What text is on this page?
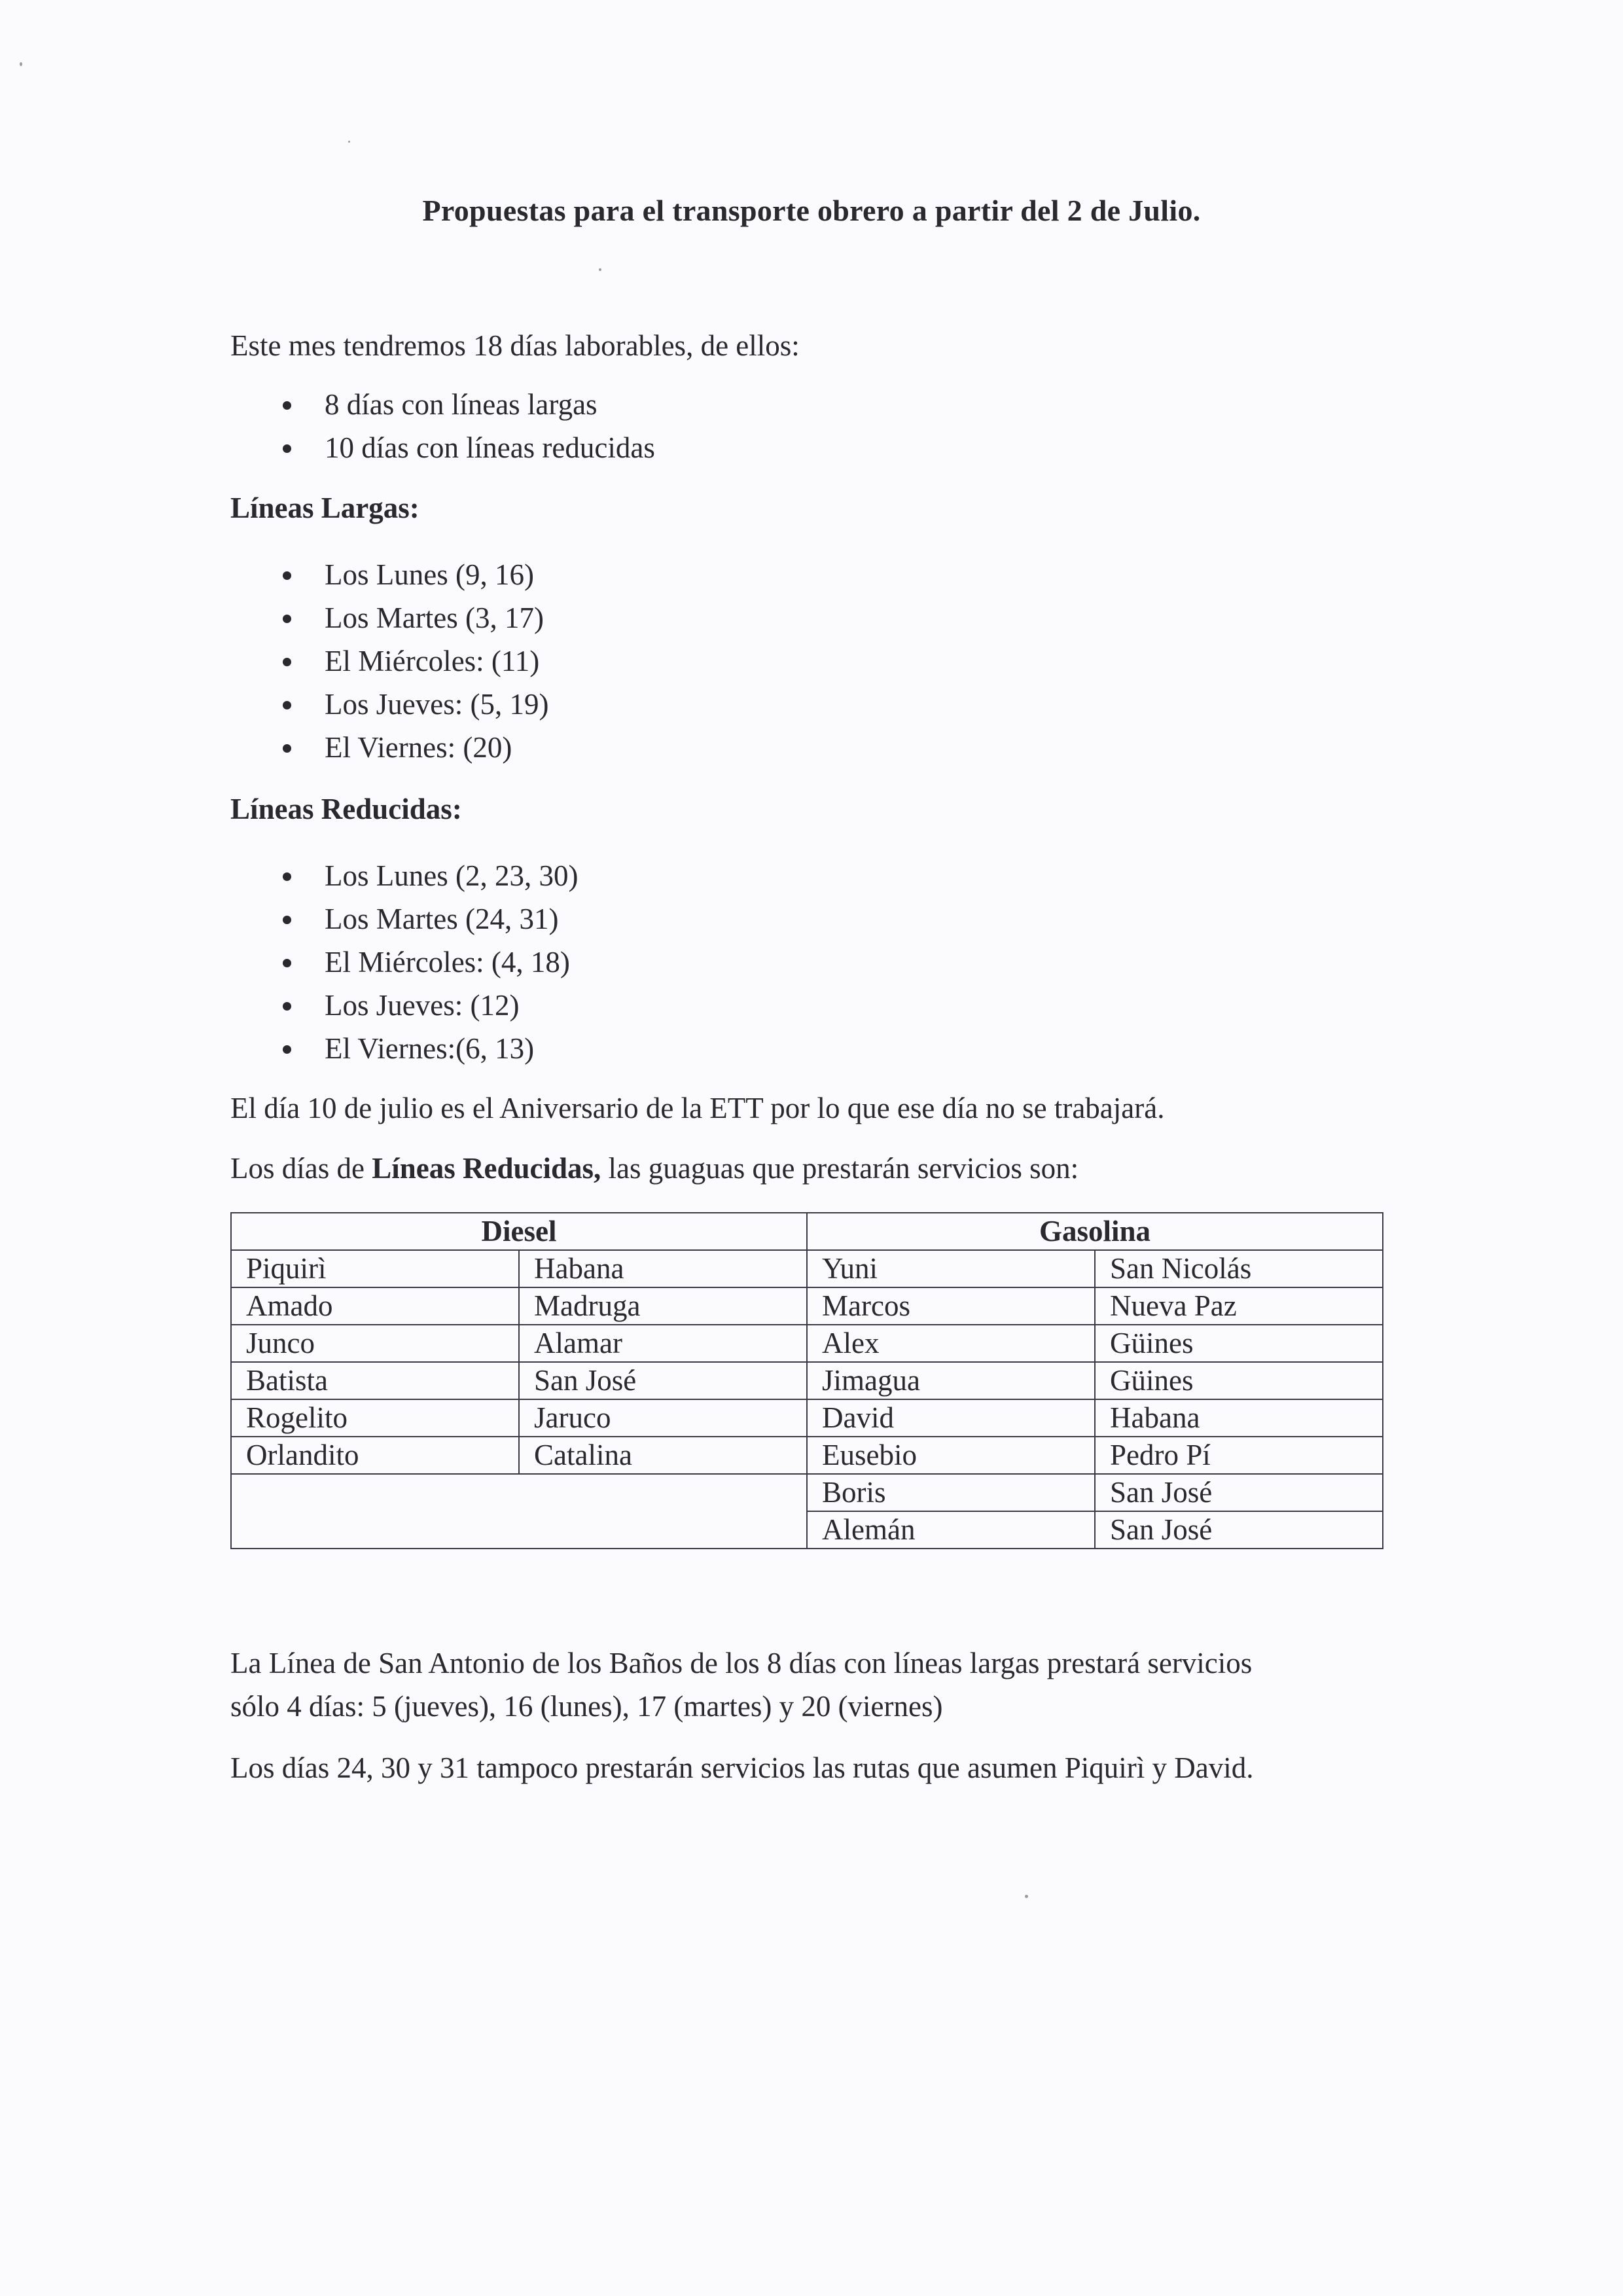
Propuestas para el transporte obrero a partir del 2 de Julio.
Este mes tendremos 18 días laborables, de ellos:
8 días con líneas largas
10 días con líneas reducidas
Líneas Largas:
Los Lunes (9, 16)
Los Martes (3, 17)
El Miércoles: (11)
Los Jueves: (5, 19)
El Viernes: (20)
Líneas Reducidas:
Los Lunes (2, 23, 30)
Los Martes (24, 31)
El Miércoles: (4, 18)
Los Jueves: (12)
El Viernes:(6, 13)
El día 10 de julio es el Aniversario de la ETT por lo que ese día no se trabajará.
Los días de Líneas Reducidas, las guaguas que prestarán servicios son:
Diesel		Gasolina	
Piquirì	Habana	Yuni	San Nicolás
Amado	Madruga	Marcos	Nueva Paz
Junco	Alamar	Alex	Güines
Batista	San José	Jimagua	Güines
Rogelito	Jaruco	David	Habana
Orlandito	Catalina	Eusebio	Pedro Pí
		Boris	San José
		Alemán	San José
La Línea de San Antonio de los Baños de los 8 días con líneas largas prestará servicios
sólo 4 días: 5 (jueves), 16 (lunes), 17 (martes) y 20 (viernes)
Los días 24, 30 y 31 tampoco prestarán servicios las rutas que asumen Piquirì y David.
